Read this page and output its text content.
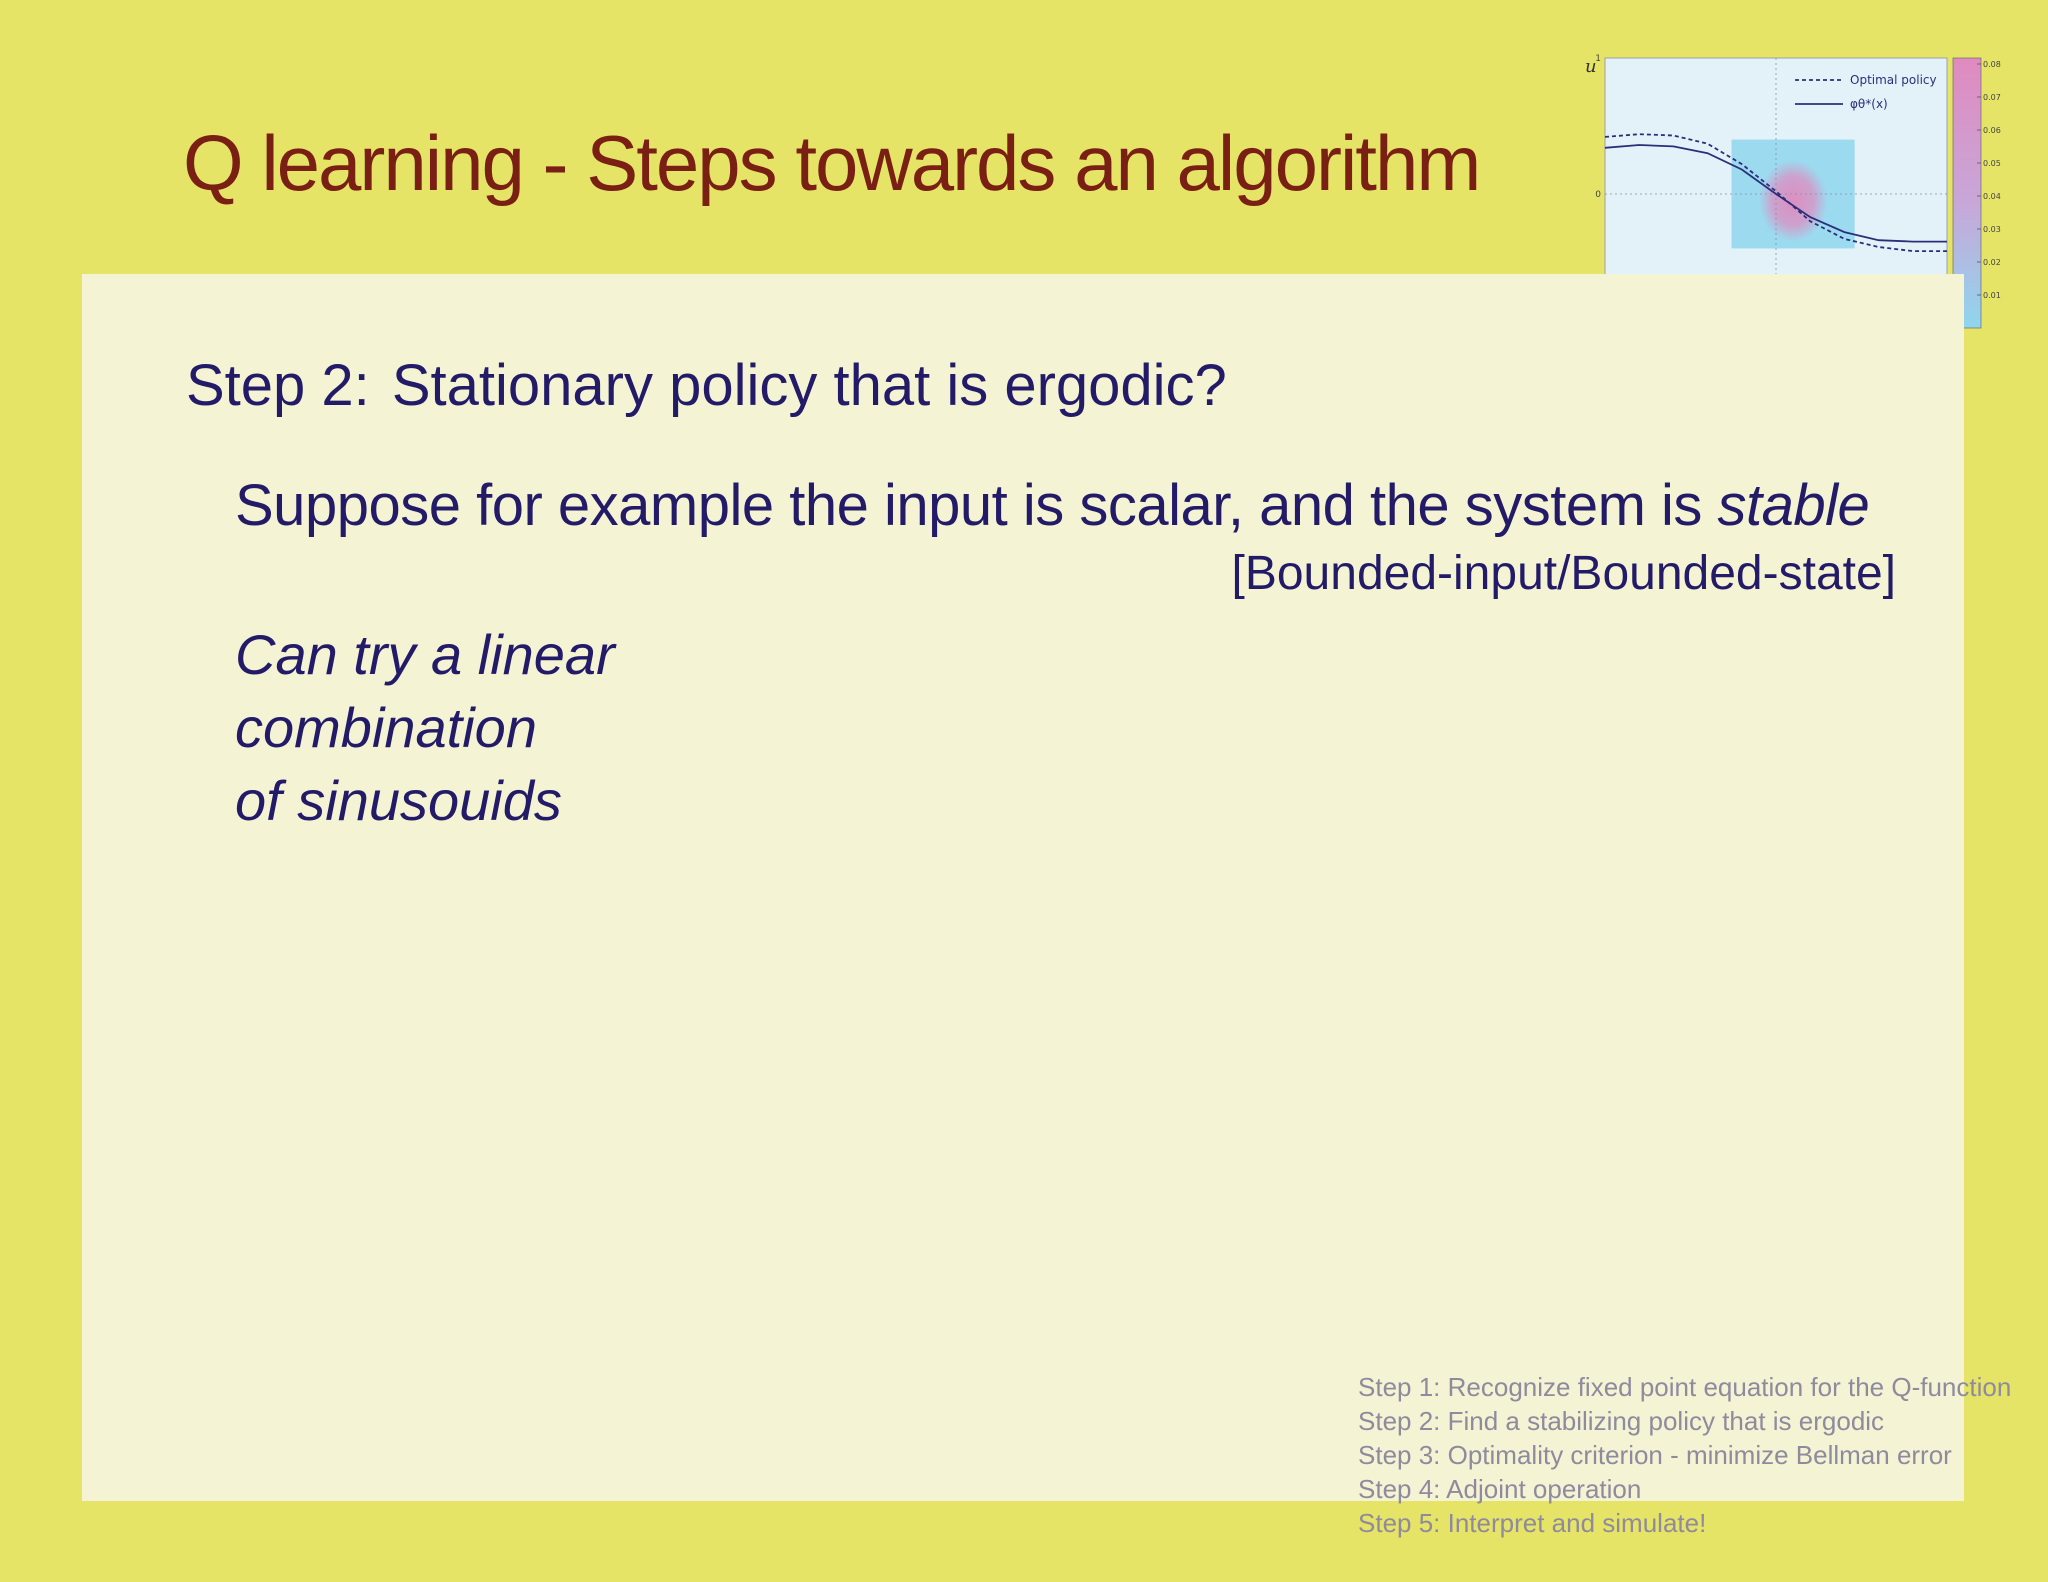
Q learning - Steps towards an algorithm
Optimal policy
φθ*(x)
1
0
u	0.08
0.07
0.06
0.05
0.04
0.03
0.02
0.01
Step 2: Stationary policy that is ergodic?
Suppose for example the input is scalar, and the system is stable
[Bounded-input/Bounded-state]
Can try a linear
combination
of sinusouids
Step 1: Recognize fixed point equation for the Q-function
Step 2: Find a stabilizing policy that is ergodic
Step 3: Optimality criterion - minimize Bellman error
Step 4: Adjoint operation
Step 5: Interpret and simulate!
